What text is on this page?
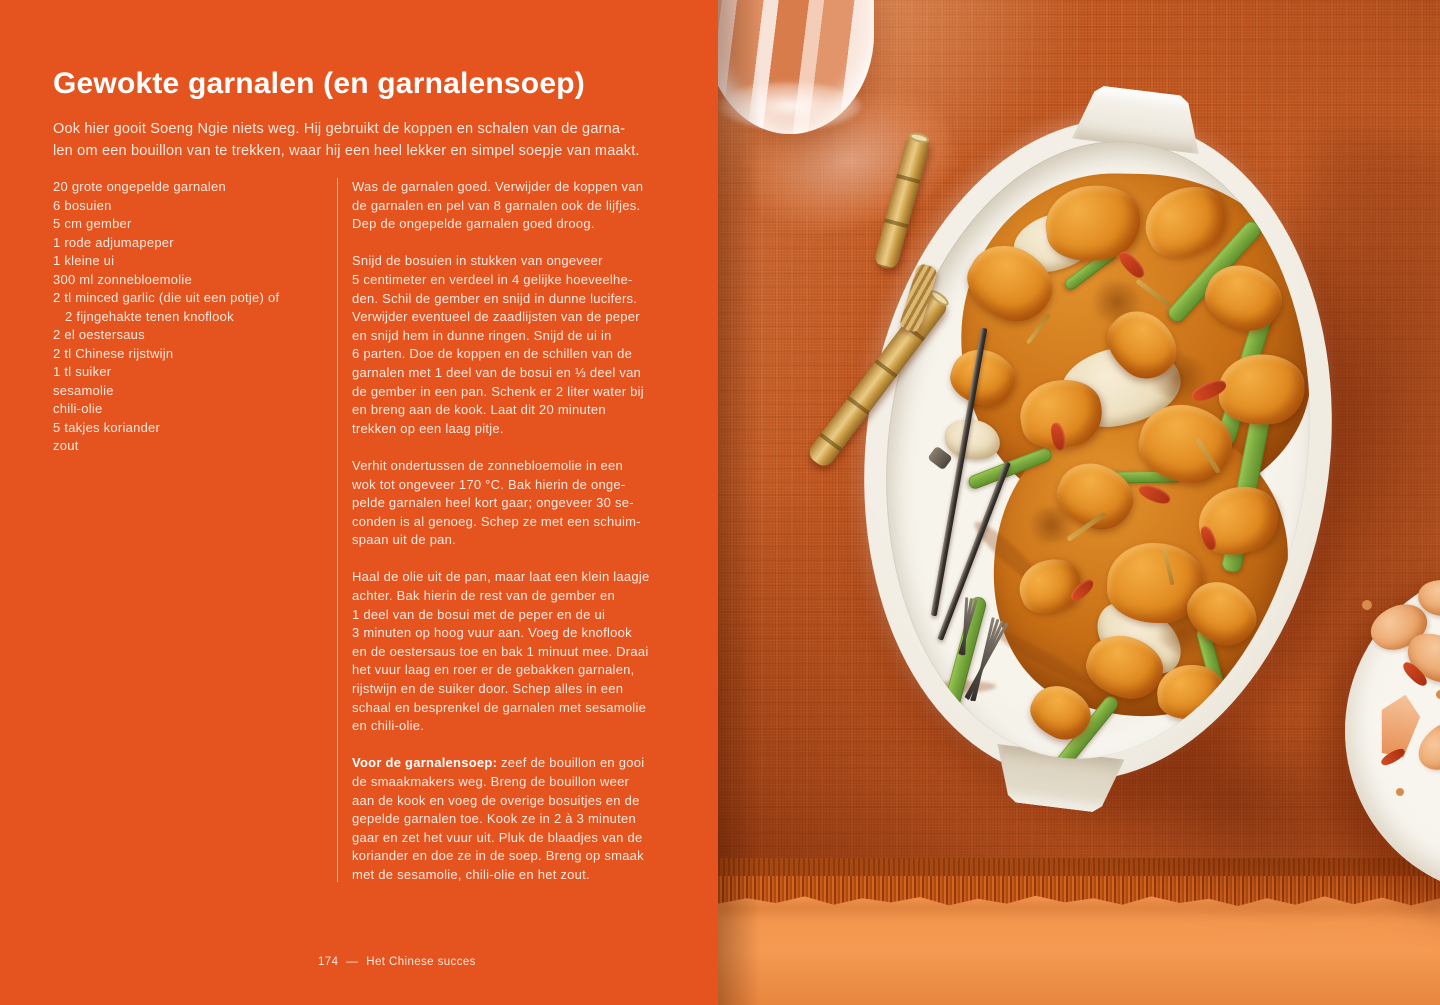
Gewokte garnalen (en garnalensoep)

Ook hier gooit Soeng Ngie niets weg. Hij gebruikt de koppen en schalen van de garna-
len om een bouillon van te trekken, waar hij een heel lekker en simpel soepje van maakt.

20 grote ongepelde garnalen
6 bosuien
5 cm gember
1 rode adjumapeper
1 kleine ui
300 ml zonnebloemolie
2 tl minced garlic (die uit een potje) of
2 fijngehakte tenen knoflook
2 el oestersaus
2 tl Chinese rijstwijn
1 tl suiker
sesamolie
chili-olie
5 takjes koriander
zout
Was de garnalen goed. Verwijder de koppen van
de garnalen en pel van 8 garnalen ook de lijfjes.
Dep de ongepelde garnalen goed droog.
Snijd de bosuien in stukken van ongeveer
5 centimeter en verdeel in 4 gelijke hoeveelhe-
den. Schil de gember en snijd in dunne lucifers.
Verwijder eventueel de zaadlijsten van de peper
en snijd hem in dunne ringen. Snijd de ui in
6 parten. Doe de koppen en de schillen van de
garnalen met 1 deel van de bosui en ⅓ deel van
de gember in een pan. Schenk er 2 liter water bij
en breng aan de kook. Laat dit 20 minuten
trekken op een laag pitje.
Verhit ondertussen de zonnebloemolie in een
wok tot ongeveer 170 °C. Bak hierin de onge-
pelde garnalen heel kort gaar; ongeveer 30 se-
conden is al genoeg. Schep ze met een schuim-
spaan uit de pan.
Haal de olie uit de pan, maar laat een klein laagje
achter. Bak hierin de rest van de gember en
1 deel van de bosui met de peper en de ui
3 minuten op hoog vuur aan. Voeg de knoflook
en de oestersaus toe en bak 1 minuut mee. Draai
het vuur laag en roer er de gebakken garnalen,
rijstwijn en de suiker door. Schep alles in een
schaal en besprenkel de garnalen met sesamolie
en chili-olie.
Voor de garnalensoep: zeef de bouillon en gooi
de smaakmakers weg. Breng de bouillon weer
aan de kook en voeg de overige bosuitjes en de
gepelde garnalen toe. Kook ze in 2 à 3 minuten
gaar en zet het vuur uit. Pluk de blaadjes van de
koriander en doe ze in de soep. Breng op smaak
met de sesamolie, chili-olie en het zout.
174 — Het Chinese succes
